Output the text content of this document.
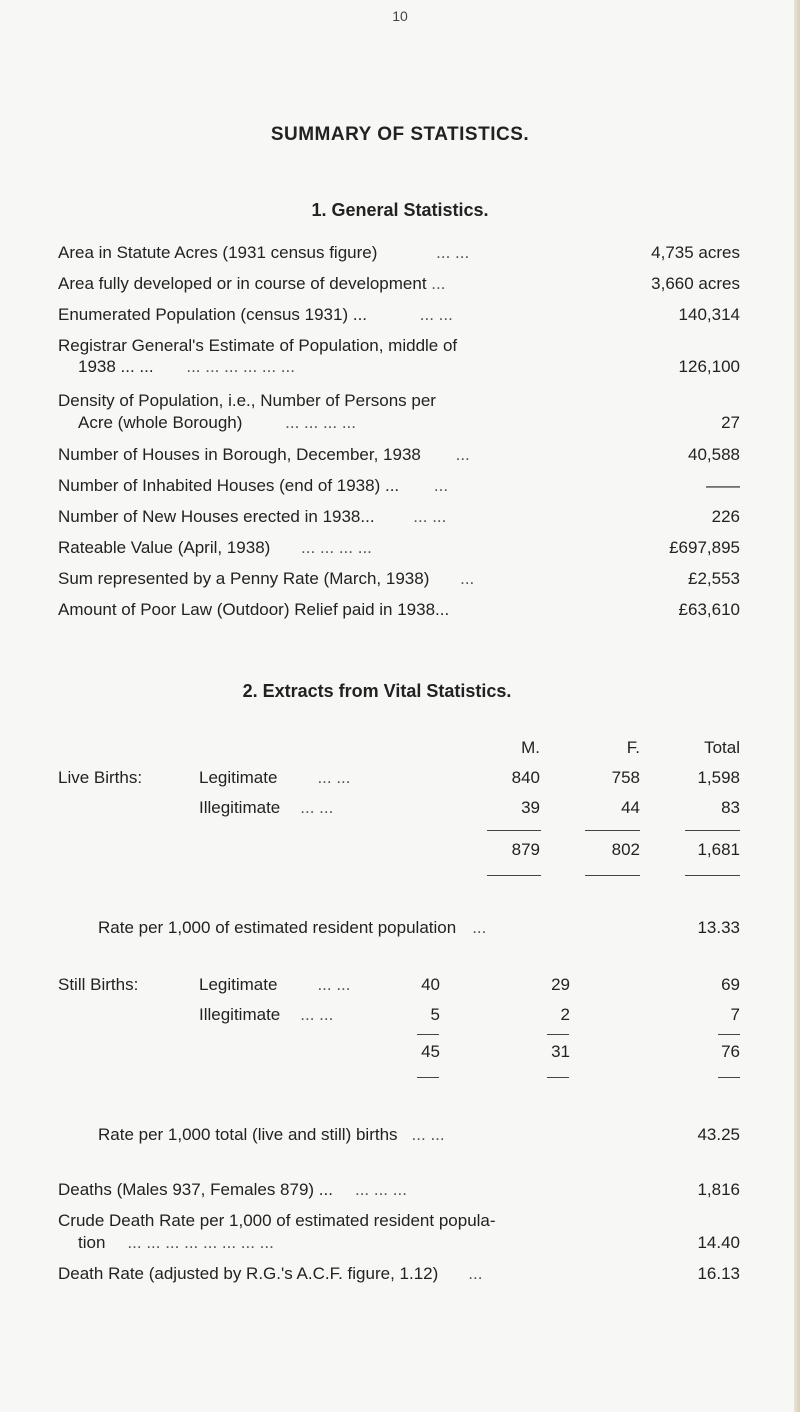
10
SUMMARY OF STATISTICS.
1. General Statistics.
Area in Statute Acres (1931 census figure)	... ...	4,735 acres
Area fully developed or in course of development ...	3,660 acres
Enumerated Population (census 1931) ...	... ...	140,314
Registrar General's Estimate of Population, middle of
1938 ... ... ... ... ... ... ... ...	126,100
Density of Population, i.e., Number of Persons per
Acre (whole Borough)	... ... ... ...	27
Number of Houses in Borough, December, 1938 ...	40,588
Number of Inhabited Houses (end of 1938) ... ...	——
Number of New Houses erected in 1938... ... ...	226
Rateable Value (April, 1938) ... ... ... ...	£697,895
Sum represented by a Penny Rate (March, 1938) ...	£2,553
Amount of Poor Law (Outdoor) Relief paid in 1938...	£63,610
2. Extracts from Vital Statistics.
M.	F.	Total
Live Births:	Legitimate ... ...	840	758	1,598
Illegitimate ... ...	39	44	83
879	802	1,681
Rate per 1,000 of estimated resident population ...	13.33
Still Births:	Legitimate ... ...	40	29	69
Illegitimate ... ...	5	2	7
45	31	76
Rate per 1,000 total (live and still) births ... ...	43.25
Deaths (Males 937, Females 879) ... ... ... ...	1,816
Crude Death Rate per 1,000 of estimated resident popula-
tion ... ... ... ... ... ... ... ...	14.40
Death Rate (adjusted by R.G.'s A.C.F. figure, 1.12) ...	16.13
